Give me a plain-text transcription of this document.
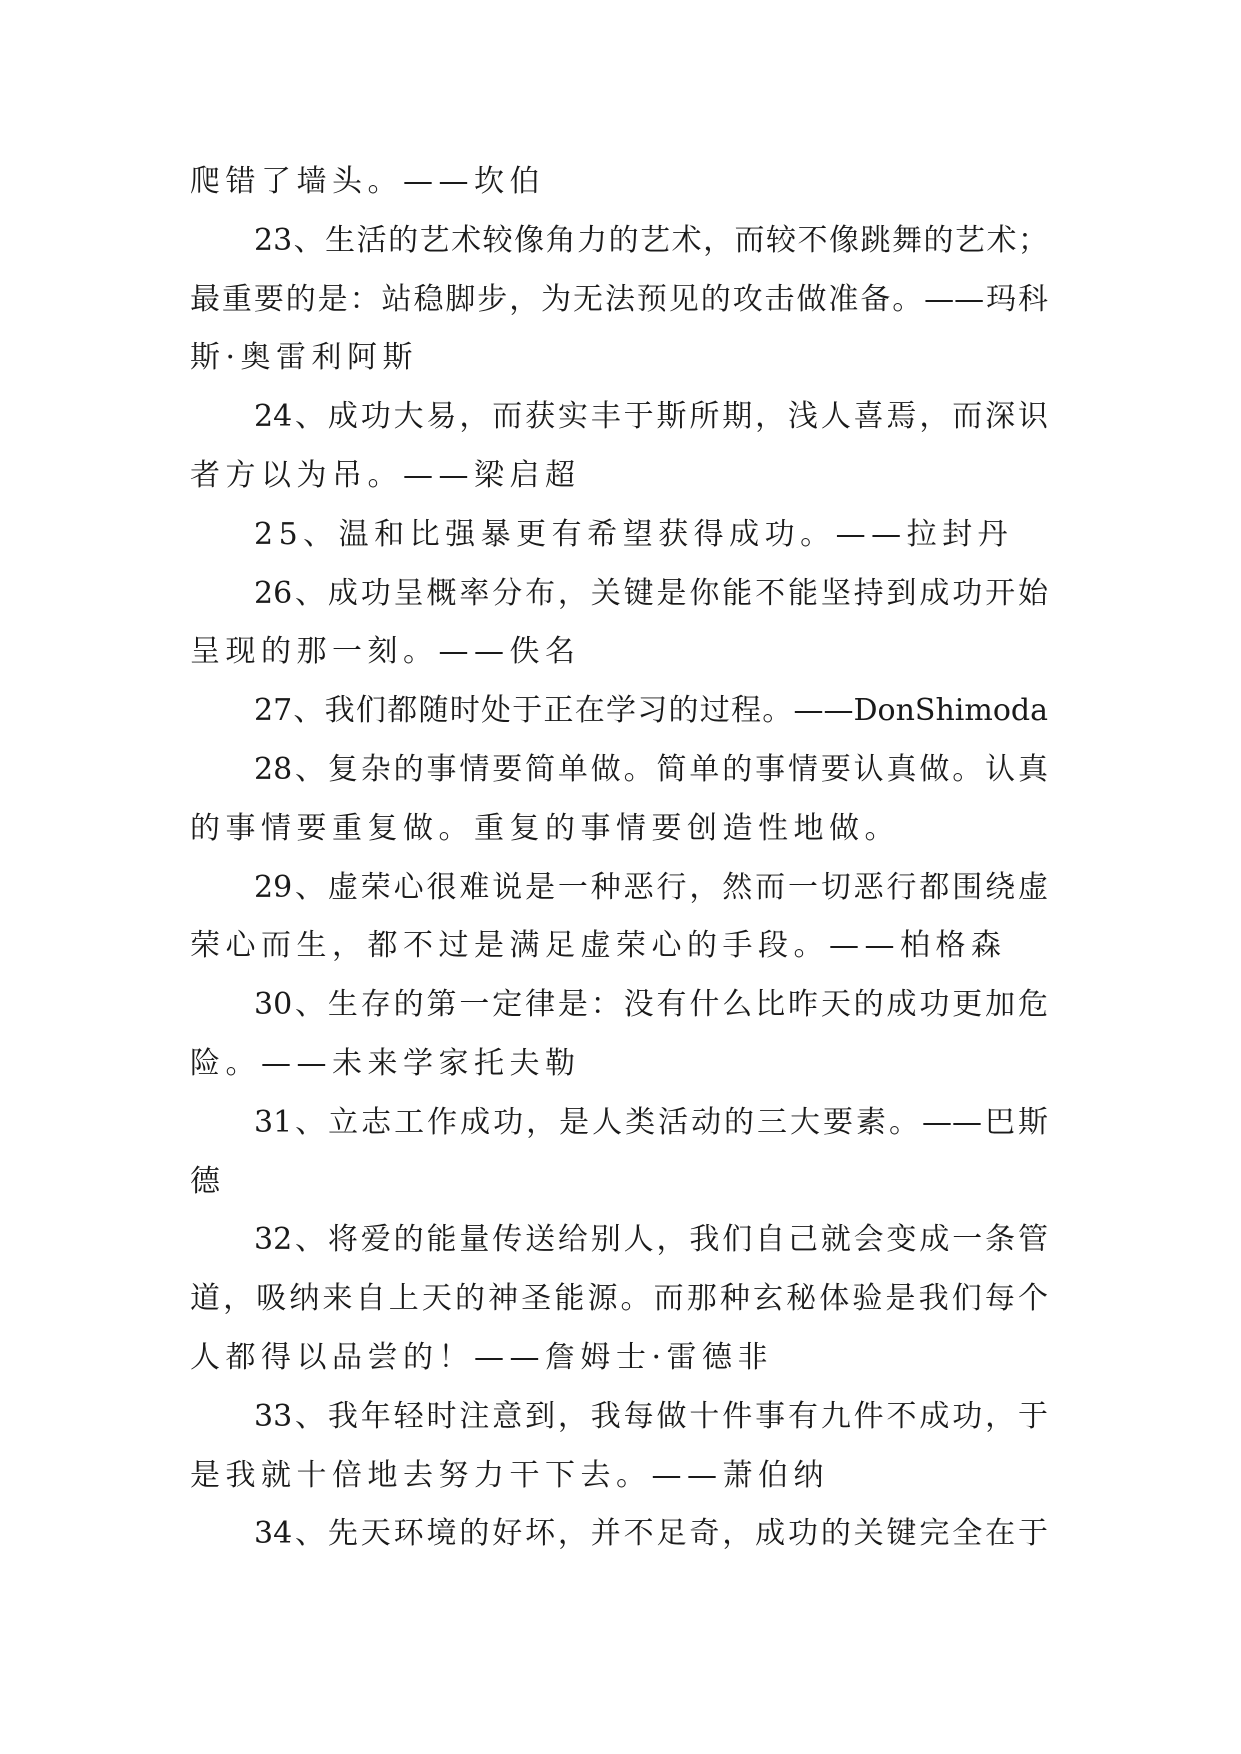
爬错了墙头。——坎伯
23、生活的艺术较像角力的艺术，而较不像跳舞的艺术；
最重要的是：站稳脚步，为无法预见的攻击做准备。——玛科
斯·奥雷利阿斯
24、成功大易，而获实丰于斯所期，浅人喜焉，而深识
者方以为吊。——梁启超
25、温和比强暴更有希望获得成功。——拉封丹
26、成功呈概率分布，关键是你能不能坚持到成功开始
呈现的那一刻。——佚名
27、我们都随时处于正在学习的过程。——DonShimoda
28、复杂的事情要简单做。简单的事情要认真做。认真
的事情要重复做。重复的事情要创造性地做。
29、虚荣心很难说是一种恶行，然而一切恶行都围绕虚
荣心而生，都不过是满足虚荣心的手段。——柏格森
30、生存的第一定律是：没有什么比昨天的成功更加危
险。——未来学家托夫勒
31、立志工作成功，是人类活动的三大要素。——巴斯
德
32、将爱的能量传送给别人，我们自己就会变成一条管
道，吸纳来自上天的神圣能源。而那种玄秘体验是我们每个
人都得以品尝的！——詹姆士·雷德非
33、我年轻时注意到，我每做十件事有九件不成功，于
是我就十倍地去努力干下去。——萧伯纳
34、先天环境的好坏，并不足奇，成功的关键完全在于
